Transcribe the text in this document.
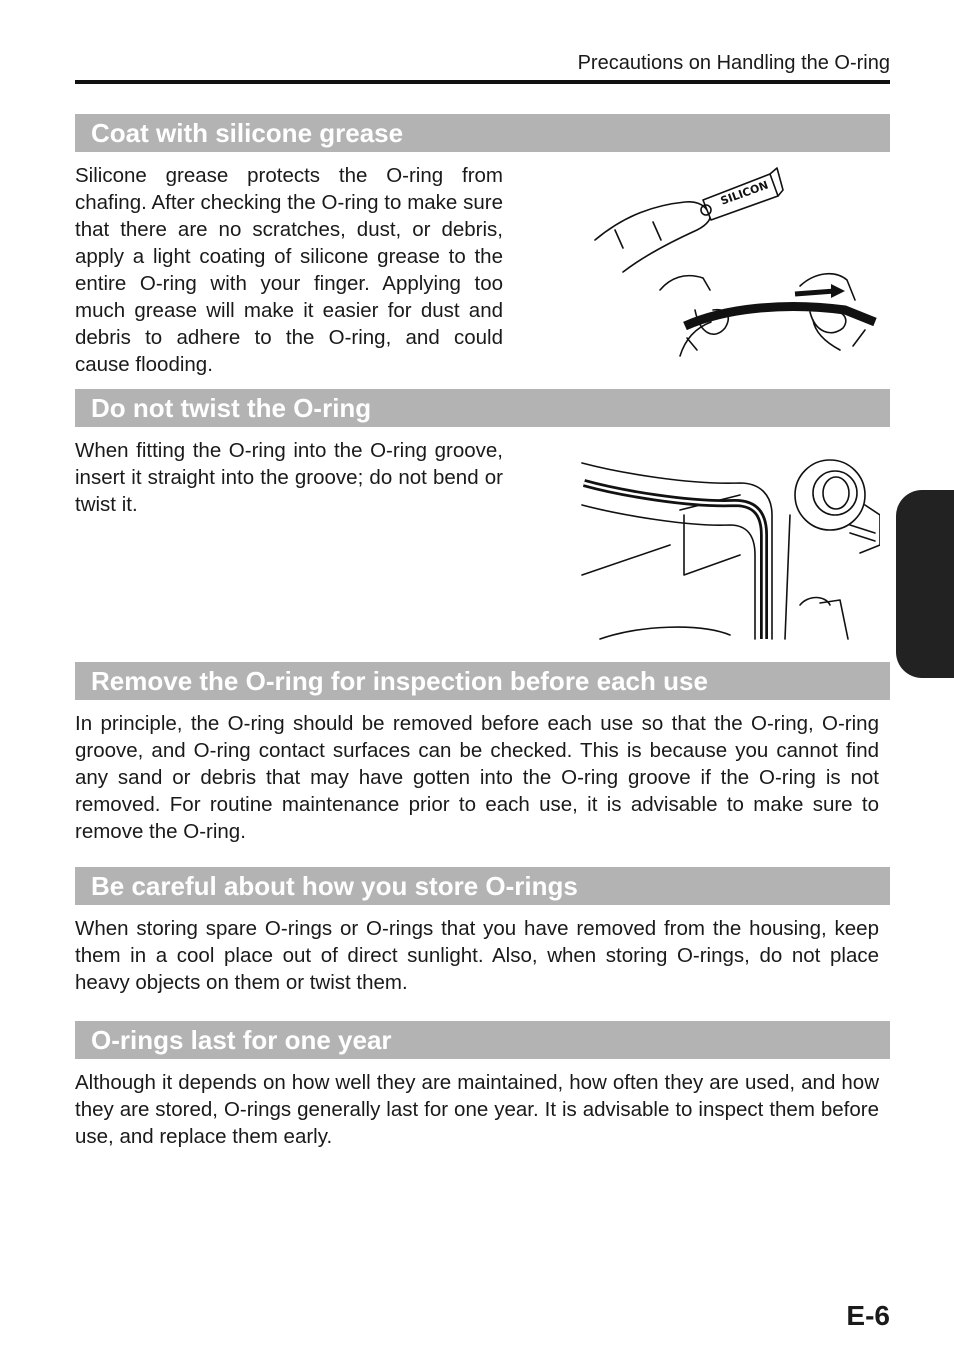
Precautions on Handling the O-ring
Coat with silicone grease

Silicone grease protects the O-ring from chafing. After checking the O-ring to make sure that there are no scratches, dust, or debris, apply a light coating of silicone grease to the entire O-ring with your finger. Applying too much grease will make it easier for dust and debris to adhere to the O-ring, and could cause flooding.

SILICON
Do not twist the O-ring

When fitting the O-ring into the O-ring groove, insert it straight into the groove; do not bend or twist it.

Remove the O-ring for inspection before each use

In principle, the O-ring should be removed before each use so that the O-ring, O-ring groove, and O-ring contact surfaces can be checked. This is because you cannot find any sand or debris that may have gotten into the O-ring groove if the O-ring is not removed. For routine maintenance prior to each use, it is advisable to make sure to remove the O-ring.

Be careful about how you store O-rings

When storing spare O-rings or O-rings that you have removed from the housing, keep them in a cool place out of direct sunlight. Also, when storing O-rings, do not place heavy objects on them or twist them.

O-rings last for one year

Although it depends on how well they are maintained, how often they are used, and how they are stored, O-rings generally last for one year. It is advisable to inspect them before use, and replace them early.

E-6
